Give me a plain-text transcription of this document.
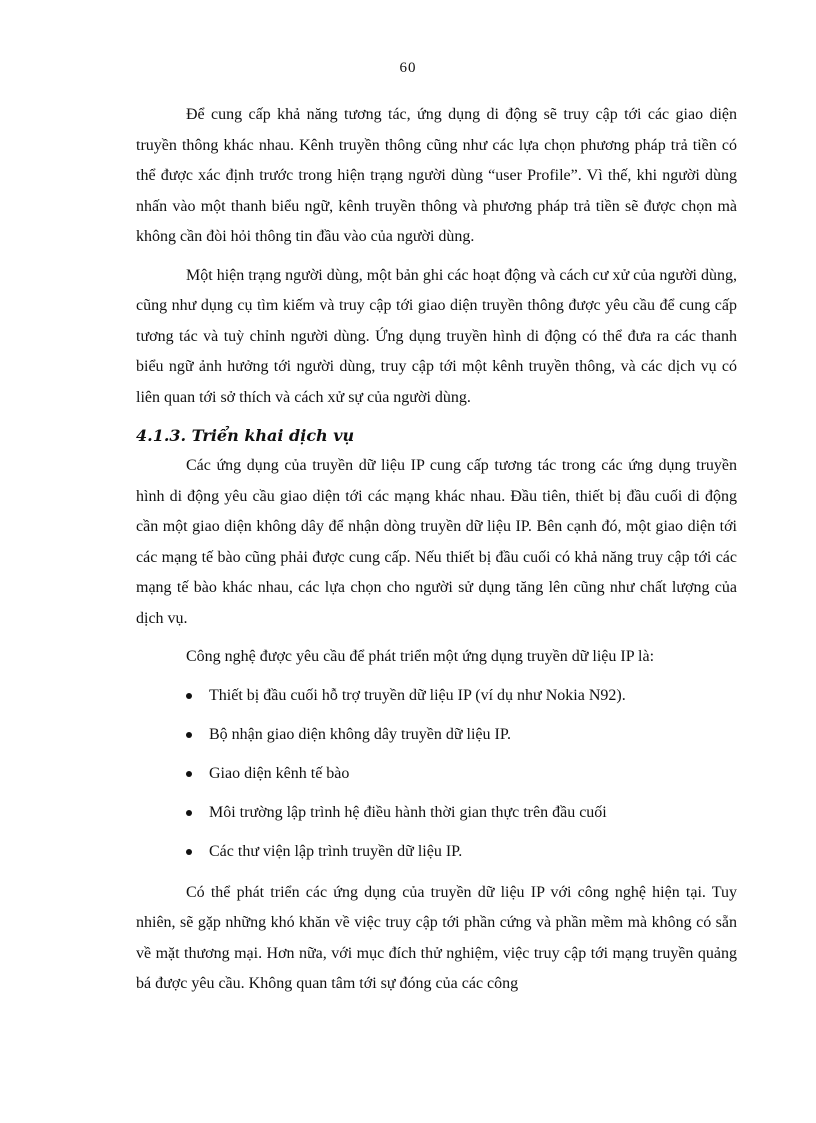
60

Để cung cấp khả năng tương tác, ứng dụng di động sẽ truy cập tới các giao diện truyền thông khác nhau. Kênh truyền thông cũng như các lựa chọn phương pháp trả tiền có thể được xác định trước trong hiện trạng người dùng “user Profile”. Vì thế, khi người dùng nhấn vào một thanh biểu ngữ, kênh truyền thông và phương pháp trả tiền sẽ được chọn mà không cần đòi hỏi thông tin đầu vào của người dùng.

Một hiện trạng người dùng, một bản ghi các hoạt động và cách cư xử của người dùng, cũng như dụng cụ tìm kiếm và truy cập tới giao diện truyền thông được yêu cầu để cung cấp tương tác và tuỳ chỉnh người dùng. Ứng dụng truyền hình di động có thể đưa ra các thanh biểu ngữ ảnh hưởng tới người dùng, truy cập tới một kênh truyền thông, và các dịch vụ có liên quan tới sở thích và cách xử sự của người dùng.

4.1.3. Triển khai dịch vụ

Các ứng dụng của truyền dữ liệu IP cung cấp tương tác trong các ứng dụng truyền hình di động yêu cầu giao diện tới các mạng khác nhau. Đầu tiên, thiết bị đầu cuối di động cần một giao diện không dây để nhận dòng truyền dữ liệu IP. Bên cạnh đó, một giao diện tới các mạng tế bào cũng phải được cung cấp. Nếu thiết bị đầu cuối có khả năng truy cập tới các mạng tế bào khác nhau, các lựa chọn cho người sử dụng tăng lên cũng như chất lượng của dịch vụ.

Công nghệ được yêu cầu để phát triển một ứng dụng truyền dữ liệu IP là:

Thiết bị đầu cuối hỗ trợ truyền dữ liệu IP (ví dụ như Nokia N92).
Bộ nhận giao diện không dây truyền dữ liệu IP.
Giao diện kênh tế bào
Môi trường lập trình hệ điều hành thời gian thực trên đầu cuối
Các thư viện lập trình truyền dữ liệu IP.

Có thể phát triển các ứng dụng của truyền dữ liệu IP với công nghệ hiện tại. Tuy nhiên, sẽ gặp những khó khăn về việc truy cập tới phần cứng và phần mềm mà không có sẵn về mặt thương mại. Hơn nữa, với mục đích thử nghiệm, việc truy cập tới mạng truyền quảng bá được yêu cầu. Không quan tâm tới sự đóng của các công
